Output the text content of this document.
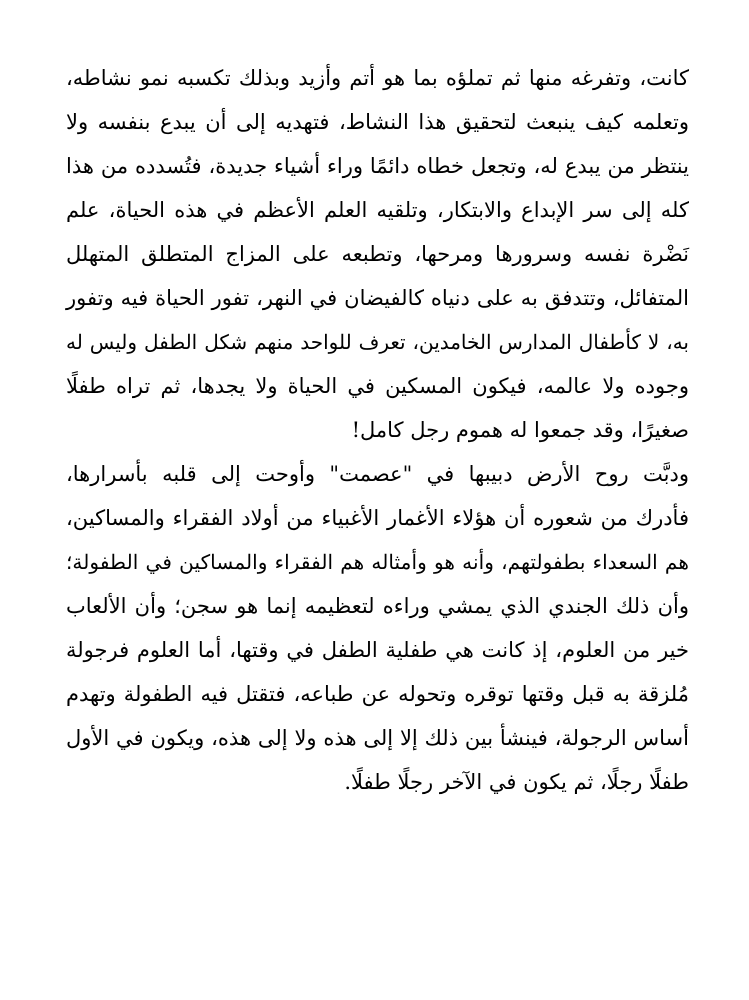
كانت، وتفرغه منها ثم تملؤه بما هو أتم وأزيد وبذلك تكسبه نمو نشاطه،
وتعلمه كيف ينبعث لتحقيق هذا النشاط، فتهديه إلى أن يبدع بنفسه ولا
ينتظر من يبدع له، وتجعل خطاه دائمًا وراء أشياء جديدة، فتُسدده من هذا
كله إلى سر الإبداع والابتكار، وتلقيه العلم الأعظم في هذه الحياة، علم
نَضْرة نفسه وسرورها ومرحها، وتطبعه على المزاج المتطلق المتهلل
المتفائل، وتتدفق به على دنياه كالفيضان في النهر، تفور الحياة فيه وتفور
به، لا كأطفال المدارس الخامدين، تعرف للواحد منهم شكل الطفل وليس له
وجوده ولا عالمه، فيكون المسكين في الحياة ولا يجدها، ثم تراه طفلًا
صغيرًا، وقد جمعوا له هموم رجل كامل!
ودبَّت روح الأرض دبيبها في "عصمت" وأوحت إلى قلبه بأسرارها،
فأدرك من شعوره أن هؤلاء الأغمار الأغبياء من أولاد الفقراء والمساكين،
هم السعداء بطفولتهم، وأنه هو وأمثاله هم الفقراء والمساكين في الطفولة؛
وأن ذلك الجندي الذي يمشي وراءه لتعظيمه إنما هو سجن؛ وأن الألعاب
خير من العلوم، إذ كانت هي طفلية الطفل في وقتها، أما العلوم فرجولة
مُلزقة به قبل وقتها توقره وتحوله عن طباعه، فتقتل فيه الطفولة وتهدم
أساس الرجولة، فينشأ بين ذلك إلا إلى هذه ولا إلى هذه، ويكون في الأول
طفلًا رجلًا، ثم يكون في الآخر رجلًا طفلًا.
